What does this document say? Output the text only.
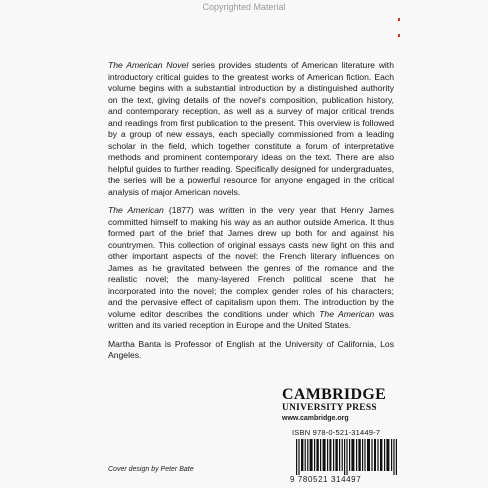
Copyrighted Material

The American Novel series provides students of American literature with introductory critical guides to the greatest works of American fiction. Each volume begins with a substantial introduction by a distinguished authority on the text, giving details of the novel's composition, publication history, and contemporary reception, as well as a survey of major critical trends and readings from first publication to the present. This overview is followed by a group of new essays, each specially commissioned from a leading scholar in the field, which together constitute a forum of interpretative methods and prominent contemporary ideas on the text. There are also helpful guides to further reading. Specifically designed for undergraduates, the series will be a powerful resource for anyone engaged in the critical analysis of major American novels.

The American (1877) was written in the very year that Henry James committed himself to making his way as an author outside America. It thus formed part of the brief that James drew up both for and against his countrymen. This collection of original essays casts new light on this and other important aspects of the novel: the French literary influences on James as he gravitated between the genres of the romance and the realistic novel; the many-layered French political scene that he incorporated into the novel; the complex gender roles of his characters; and the pervasive effect of capitalism upon them. The introduction by the volume editor describes the conditions under which The American was written and its varied reception in Europe and the United States.

Martha Banta is Professor of English at the University of California, Los Angeles.

CAMBRIDGE
UNIVERSITY PRESS
www.cambridge.org
ISBN 978-0-521-31449-7
9 780521 314497
Cover design by Peter Bate
